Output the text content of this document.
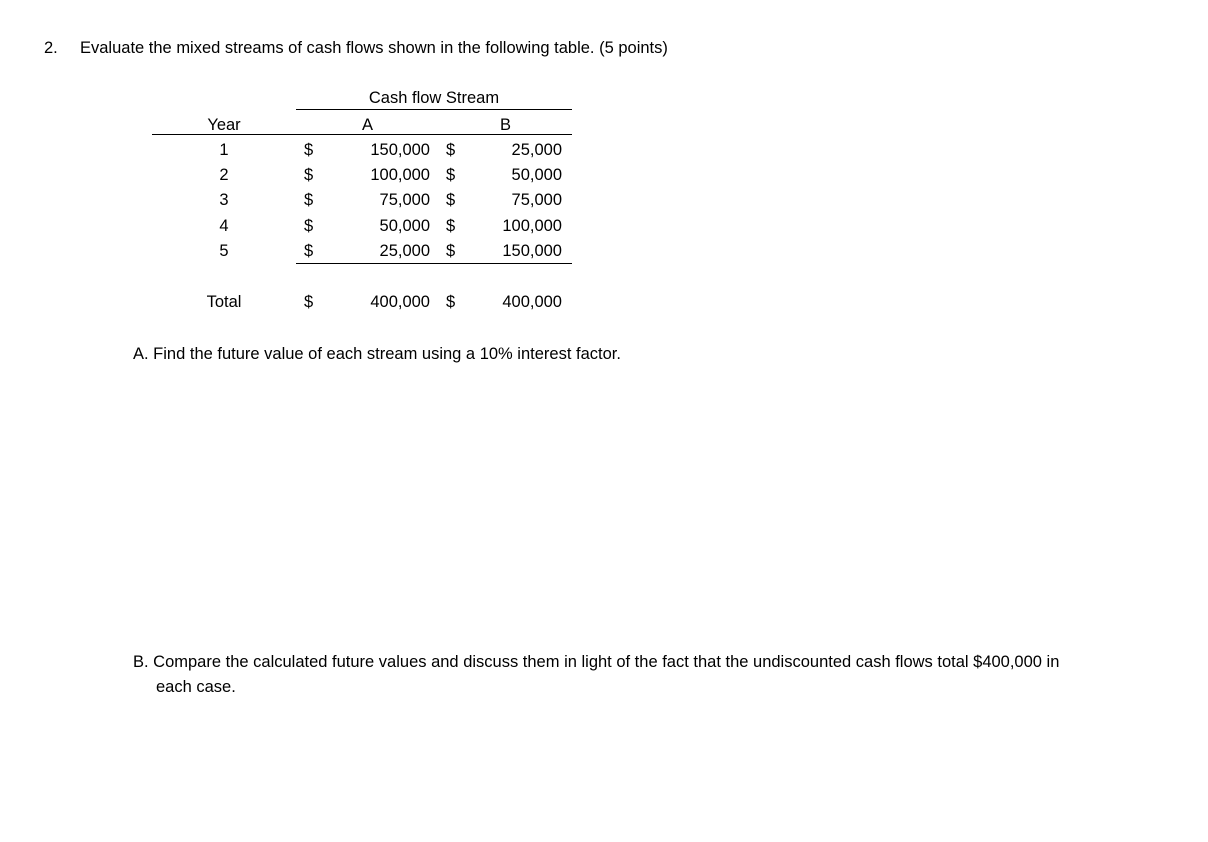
2. Evaluate the mixed streams of cash flows shown in the following table. (5 points)
Cash flow Stream
Year	A	B
1	$	150,000 $	25,000
2	$	100,000 $	50,000
3	$	75,000 $	75,000
4	$	50,000 $	100,000
5	$	25,000 $	150,000
Total	$	400,000 $	400,000
A. Find the future value of each stream using a 10% interest factor.
B. Compare the calculated future values and discuss them in light of the fact that the undiscounted cash flows total $400,000 in
each case.
